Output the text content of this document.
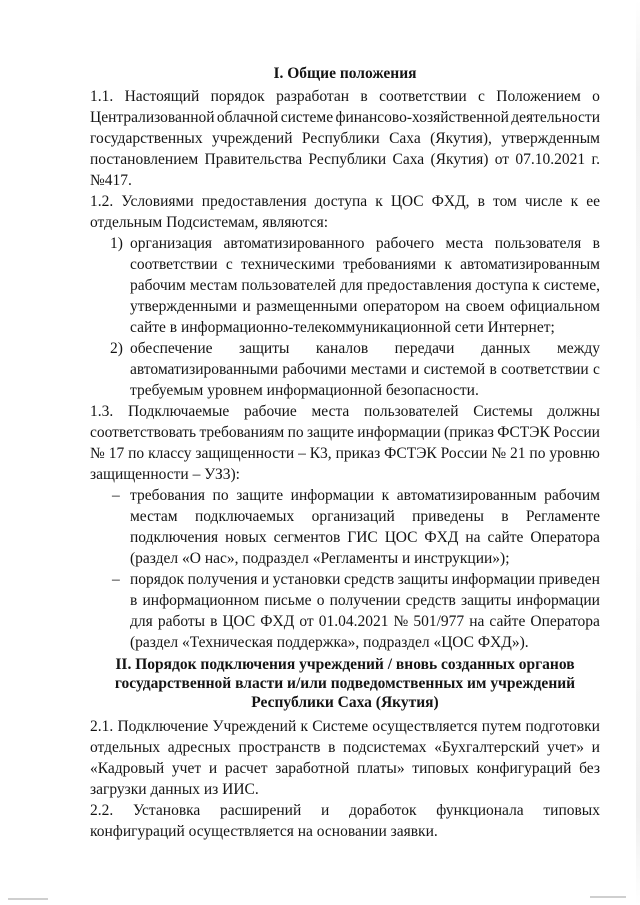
I. Общие положения
1.1. Настоящий порядок разработан в соответствии с Положением о
Централизованной облачной системе финансово-хозяйственной деятельности
государственных учреждений Республики Саха (Якутия), утвержденным
постановлением Правительства Республики Саха (Якутия) от 07.10.2021 г.
№417.
1.2. Условиями предоставления доступа к ЦОС ФХД, в том числе к ее
отдельным Подсистемам, являются:
1) организация автоматизированного рабочего места пользователя в
соответствии с техническими требованиями к автоматизированным
рабочим местам пользователей для предоставления доступа к системе,
утвержденными и размещенными оператором на своем официальном
сайте в информационно-телекоммуникационной сети Интернет;
2) обеспечение защиты каналов передачи данных между
автоматизированными рабочими местами и системой в соответствии с
требуемым уровнем информационной безопасности.
1.3. Подключаемые рабочие места пользователей Системы должны
соответствовать требованиям по защите информации (приказ ФСТЭК России
№ 17 по классу защищенности – К3, приказ ФСТЭК России № 21 по уровню
защищенности – УЗ3):
– требования по защите информации к автоматизированным рабочим
местам подключаемых организаций приведены в Регламенте
подключения новых сегментов ГИС ЦОС ФХД на сайте Оператора
(раздел «О нас», подраздел «Регламенты и инструкции»);
– порядок получения и установки средств защиты информации приведен
в информационном письме о получении средств защиты информации
для работы в ЦОС ФХД от 01.04.2021 № 501/977 на сайте Оператора
(раздел «Техническая поддержка», подраздел «ЦОС ФХД»).
II. Порядок подключения учреждений / вновь созданных органов
государственной власти и/или подведомственных им учреждений
Республики Саха (Якутия)
2.1. Подключение Учреждений к Системе осуществляется путем подготовки
отдельных адресных пространств в подсистемах «Бухгалтерский учет» и
«Кадровый учет и расчет заработной платы» типовых конфигураций без
загрузки данных из ИИС.
2.2. Установка расширений и доработок функционала типовых
конфигураций осуществляется на основании заявки.
